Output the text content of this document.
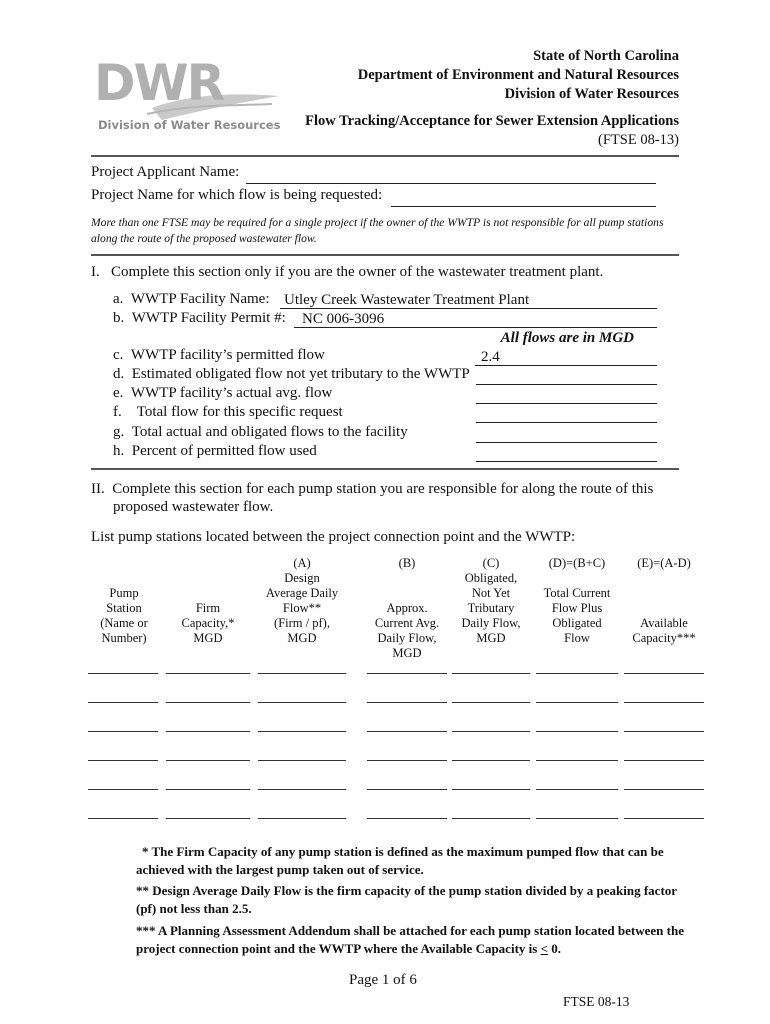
DWR
Division of Water Resources
State of North Carolina
Department of Environment and Natural Resources
Division of Water Resources
Flow Tracking/Acceptance for Sewer Extension Applications
(FTSE 08-13)
Project Applicant Name:
Project Name for which flow is being requested:
More than one FTSE may be required for a single project if the owner of the WWTP is not responsible for all pump stations along the route of the proposed wastewater flow.
I.  Complete this section only if you are the owner of the wastewater treatment plant.
a. WWTP Facility Name: Utley Creek Wastewater Treatment Plant
b. WWTP Facility Permit #:	NC 006-3096
All flows are in MGD
c. WWTP facility’s permitted flow	2.4
d. Estimated obligated flow not yet tributary to the WWTP
e. WWTP facility’s actual avg. flow
f.  Total flow for this specific request
g. Total actual and obligated flows to the facility
h. Percent of permitted flow used
II. Complete this section for each pump station you are responsible for along the route of this
proposed wastewater flow.
List pump stations located between the project connection point and the WWTP:
Pump
Station
(Name or
Number)
Firm
Capacity,*
MGD
(A)
Design
Average Daily
Flow**
(Firm / pf),
MGD
(B)

Approx.
Current Avg.
Daily Flow,
MGD
(C)
Obligated,
Not Yet
Tributary
Daily Flow,
MGD
(D)=(B+C)

Total Current
Flow Plus
Obligated
Flow
(E)=(A-D)

Available
Capacity***
* The Firm Capacity of any pump station is defined as the maximum pumped flow that can be achieved with the largest pump taken out of service.
** Design Average Daily Flow is the firm capacity of the pump station divided by a peaking factor (pf) not less than 2.5.
*** A Planning Assessment Addendum shall be attached for each pump station located between the project connection point and the WWTP where the Available Capacity is < 0.
Page 1 of 6
FTSE 08-13
